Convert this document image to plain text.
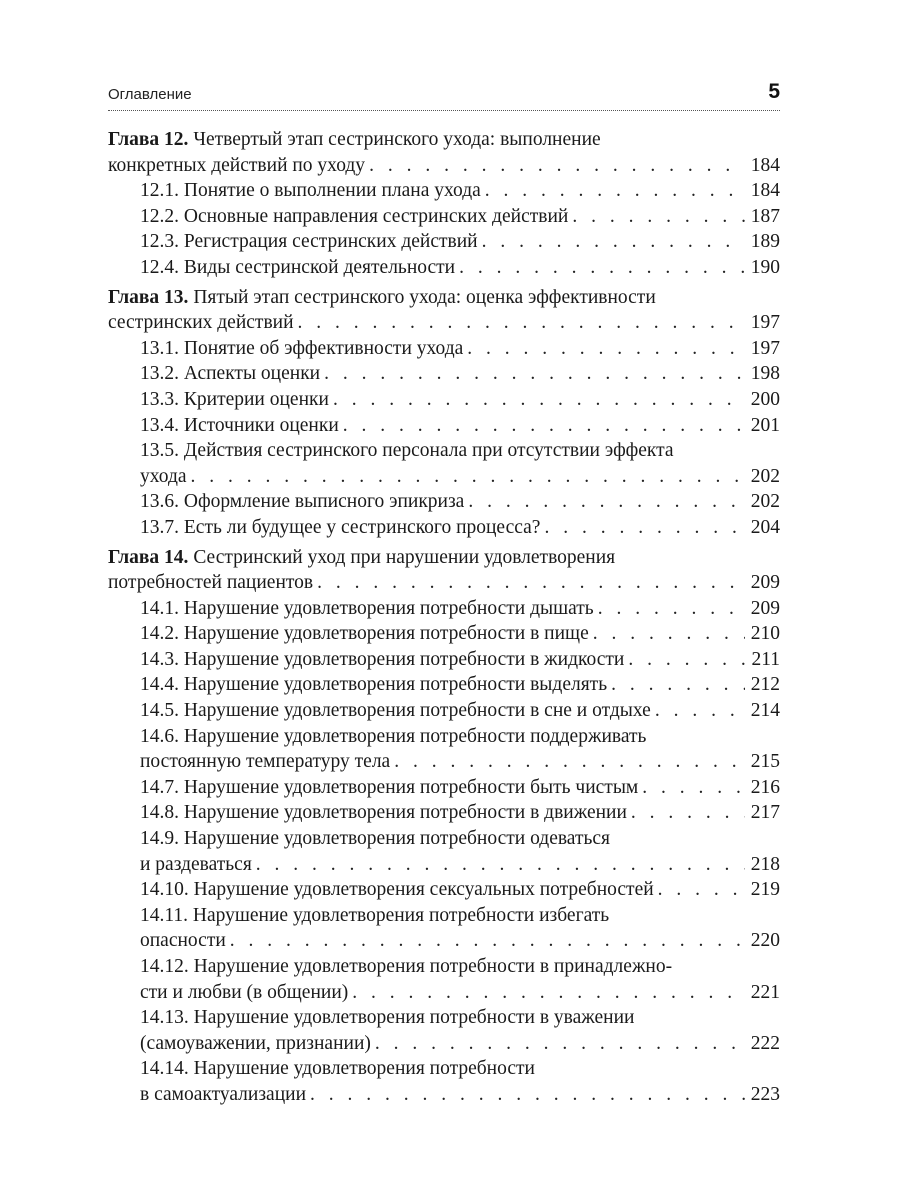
Оглавление	5
Глава 12. Четвертый этап сестринского ухода: выполнение
конкретных действий по уходу . . .	184
12.1. Понятие о выполнении плана ухода . . .	184
12.2. Основные направления сестринских действий . . .	187
12.3. Регистрация сестринских действий . . .	189
12.4. Виды сестринской деятельности . . .	190
Глава 13. Пятый этап сестринского ухода: оценка эффективности
сестринских действий . . .	197
13.1. Понятие об эффективности ухода . . .	197
13.2. Аспекты оценки . . .	198
13.3. Критерии оценки . . .	200
13.4. Источники оценки . . .	201
13.5. Действия сестринского персонала при отсутствии эффекта
ухода . . .	202
13.6. Оформление выписного эпикриза . . .	202
13.7. Есть ли будущее у сестринского процесса? . . .	204
Глава 14. Сестринский уход при нарушении удовлетворения
потребностей пациентов . . .	209
14.1. Нарушение удовлетворения потребности дышать . . .	209
14.2. Нарушение удовлетворения потребности в пище . . .	210
14.3. Нарушение удовлетворения потребности в жидкости . . .	211
14.4. Нарушение удовлетворения потребности выделять . . .	212
14.5. Нарушение удовлетворения потребности в сне и отдыхе . . .	214
14.6. Нарушение удовлетворения потребности поддерживать
постоянную температуру тела . . .	215
14.7. Нарушение удовлетворения потребности быть чистым . . .	216
14.8. Нарушение удовлетворения потребности в движении . . .	217
14.9. Нарушение удовлетворения потребности одеваться
и раздеваться . . .	218
14.10. Нарушение удовлетворения сексуальных потребностей . . .	219
14.11. Нарушение удовлетворения потребности избегать
опасности . . .	220
14.12. Нарушение удовлетворения потребности в принадлежно-
сти и любви (в общении) . . .	221
14.13. Нарушение удовлетворения потребности в уважении
(самоуважении, признании) . . .	222
14.14. Нарушение удовлетворения потребности
в самоактуализации . . .	223
